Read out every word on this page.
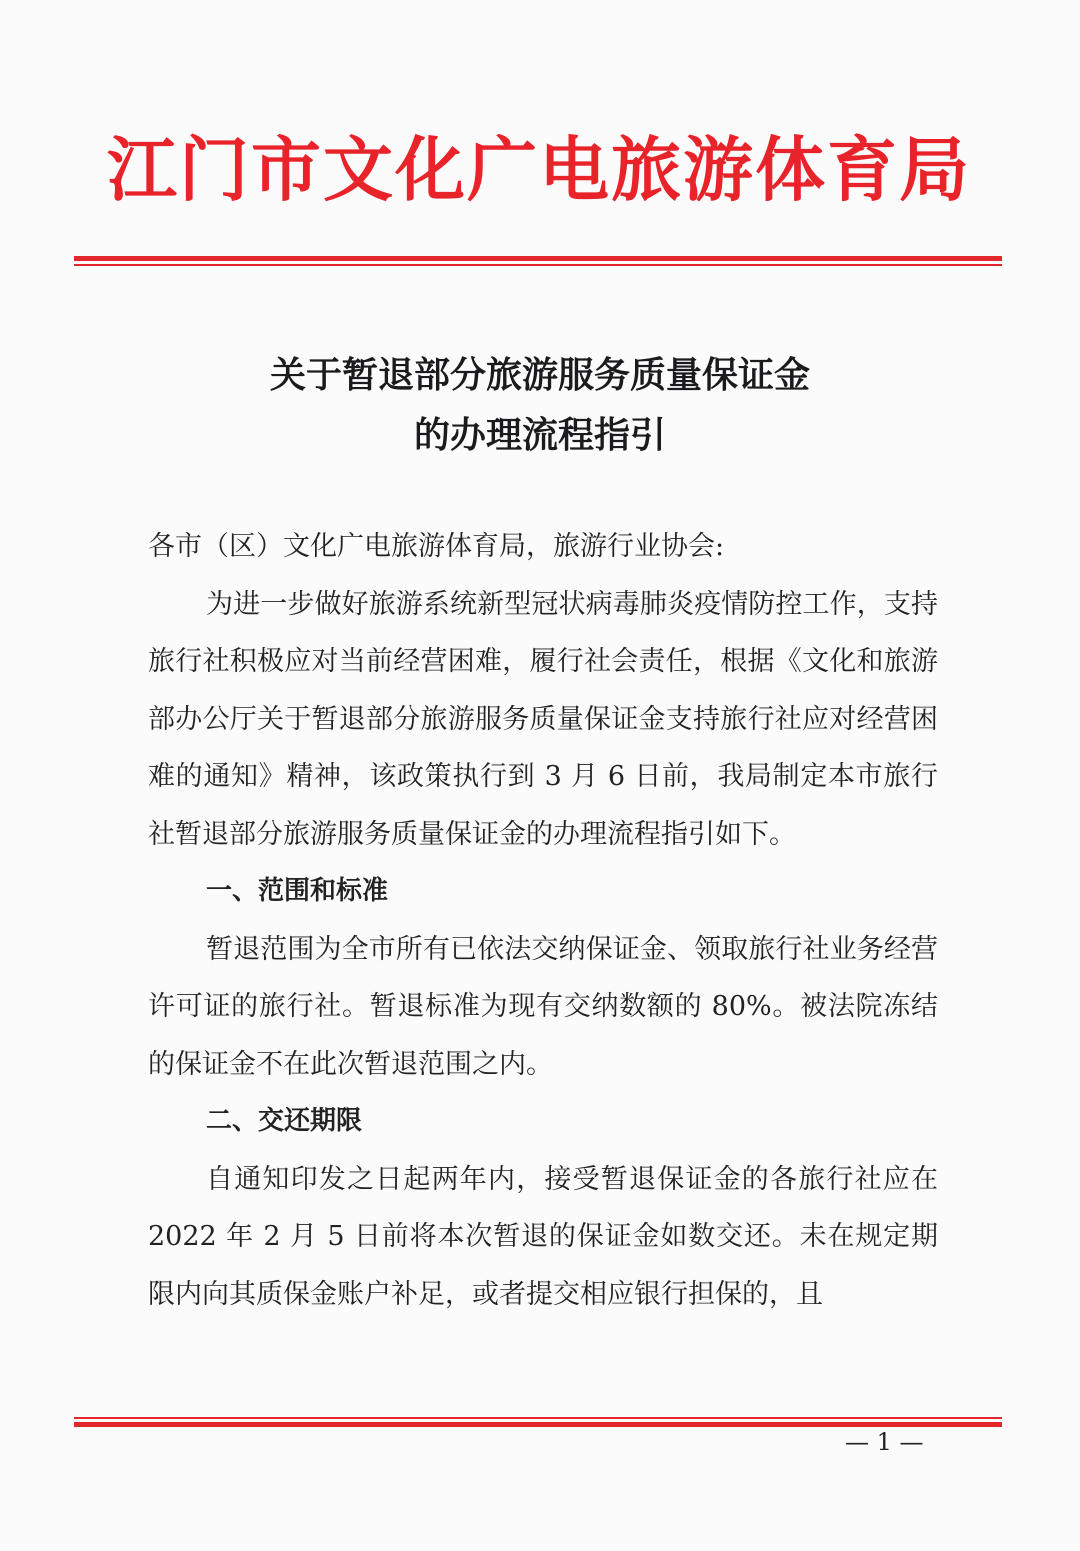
江门市文化广电旅游体育局
关于暂退部分旅游服务质量保证金
的办理流程指引

各市（区）文化广电旅游体育局，旅游行业协会:

为进一步做好旅游系统新型冠状病毒肺炎疫情防控工作，支持旅行社积极应对当前经营困难，履行社会责任，根据《文化和旅游部办公厅关于暂退部分旅游服务质量保证金支持旅行社应对经营困难的通知》精神，该政策执行到 3 月 6 日前，我局制定本市旅行社暂退部分旅游服务质量保证金的办理流程指引如下。

一、范围和标准

暂退范围为全市所有已依法交纳保证金、领取旅行社业务经营许可证的旅行社。暂退标准为现有交纳数额的 80%。被法院冻结的保证金不在此次暂退范围之内。

二、交还期限

自通知印发之日起两年内，接受暂退保证金的各旅行社应在 2022 年 2 月 5 日前将本次暂退的保证金如数交还。未在规定期限内向其质保金账户补足，或者提交相应银行担保的，且

— 1 —
